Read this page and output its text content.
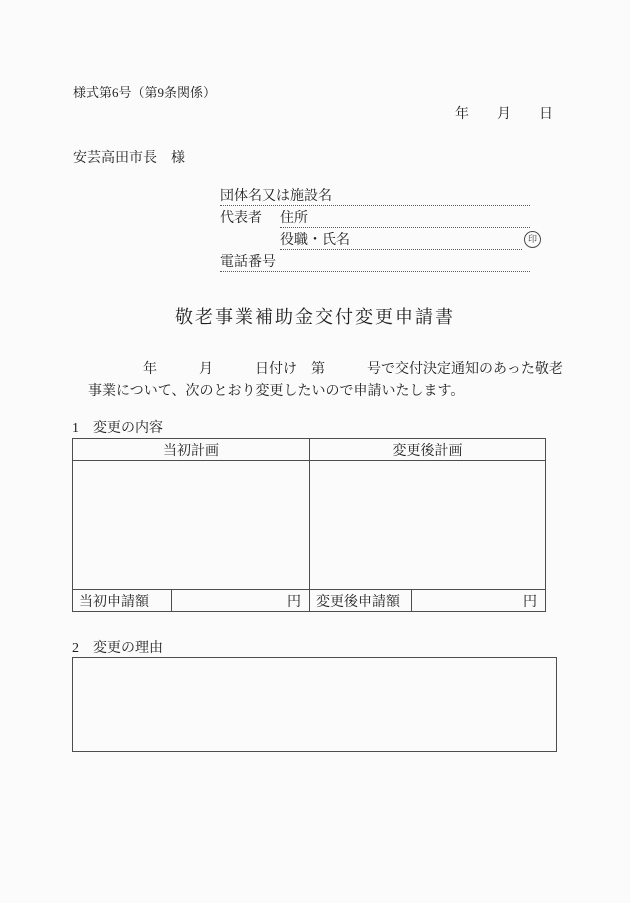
様式第6号（第9条関係）
年　　月　　日
安芸高田市長　様
団体名又は施設名
代表者 住所
役職・氏名	印
電話番号
敬老事業補助金交付変更申請書
年　　　月　　　日付け　第　　　号で交付決定通知のあった敬老
事業について、次のとおり変更したいので申請いたします。
1　変更の内容
当初計画	変更後計画
当初申請額	円	変更後申請額	円
2　変更の理由
